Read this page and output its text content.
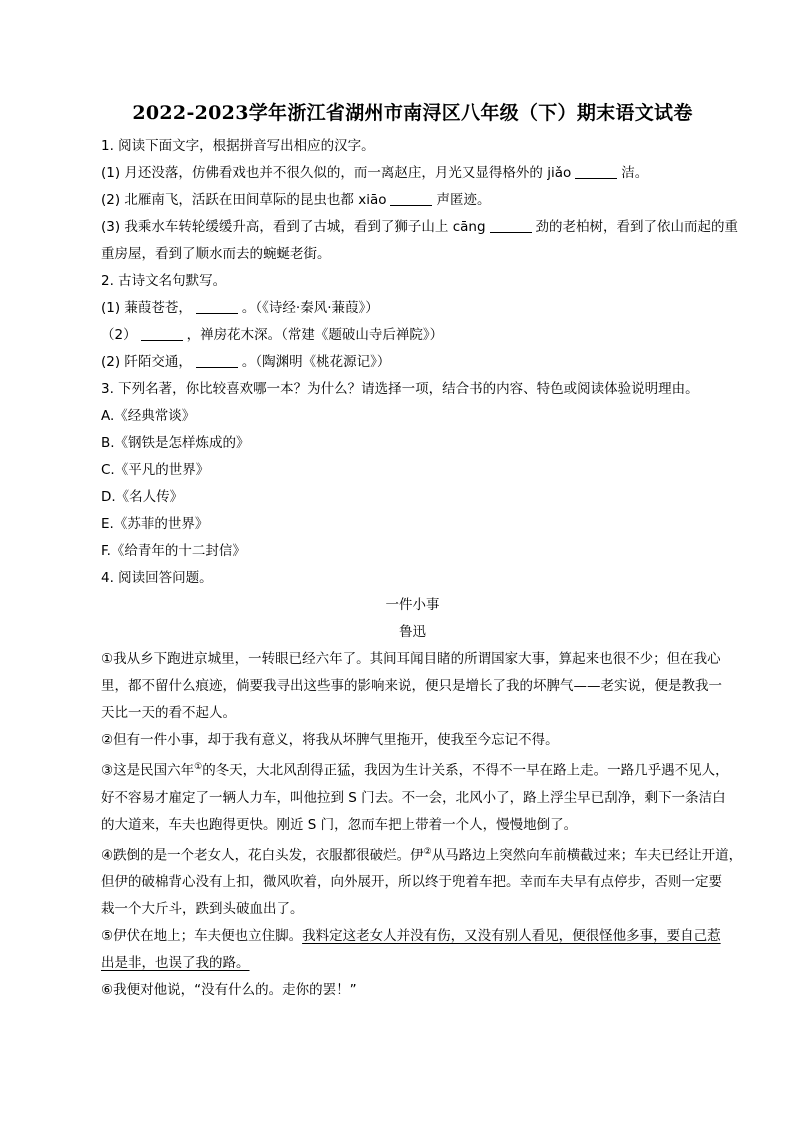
2022-2023学年浙江省湖州市南浔区八年级（下）期末语文试卷
1. 阅读下面文字，根据拼音写出相应的汉字。
(1) 月还没落，仿佛看戏也并不很久似的，而一离赵庄，月光又显得格外的 jiǎo	洁。
(2) 北雁南飞，活跃在田间草际的昆虫也都 xiāo	声匿迹。
(3) 我乘水车转轮缓缓升高，看到了古城，看到了狮子山上 cāng	劲的老柏树，看到了依山而起的重
重房屋，看到了顺水而去的蜿蜒老街。
2. 古诗文名句默写。
(1) 蒹葭苍苍，	。（《诗经·秦风·蒹葭》）
（2）	，禅房花木深。（常建《题破山寺后禅院》）
(2) 阡陌交通，	。（陶渊明《桃花源记》）
3. 下列名著，你比较喜欢哪一本？为什么？请选择一项，结合书的内容、特色或阅读体验说明理由。
A.《经典常谈》
B.《钢铁是怎样炼成的》
C.《平凡的世界》
D.《名人传》
E.《苏菲的世界》
F.《给青年的十二封信》
4. 阅读回答问题。
一件小事
鲁迅
①我从乡下跑进京城里，一转眼已经六年了。其间耳闻目睹的所谓国家大事，算起来也很不少；但在我心
里，都不留什么痕迹，倘要我寻出这些事的影响来说，便只是增长了我的坏脾气——老实说，便是教我一
天比一天的看不起人。
②但有一件小事，却于我有意义，将我从坏脾气里拖开，使我至今忘记不得。
③这是民国六年①的冬天，大北风刮得正猛，我因为生计关系，不得不一早在路上走。一路几乎遇不见人，
好不容易才雇定了一辆人力车，叫他拉到 S 门去。不一会，北风小了，路上浮尘早已刮净，剩下一条洁白
的大道来，车夫也跑得更快。刚近 S 门，忽而车把上带着一个人，慢慢地倒了。
④跌倒的是一个老女人，花白头发，衣服都很破烂。伊②从马路边上突然向车前横截过来；车夫已经让开道，
但伊的破棉背心没有上扣，微风吹着，向外展开，所以终于兜着车把。幸而车夫早有点停步，否则一定要
栽一个大斤斗，跌到头破血出了。
⑤伊伏在地上；车夫便也立住脚。我料定这老女人并没有伤，又没有别人看见，便很怪他多事，要自己惹
出是非，也误了我的路。
⑥我便对他说，“没有什么的。走你的罢！”
